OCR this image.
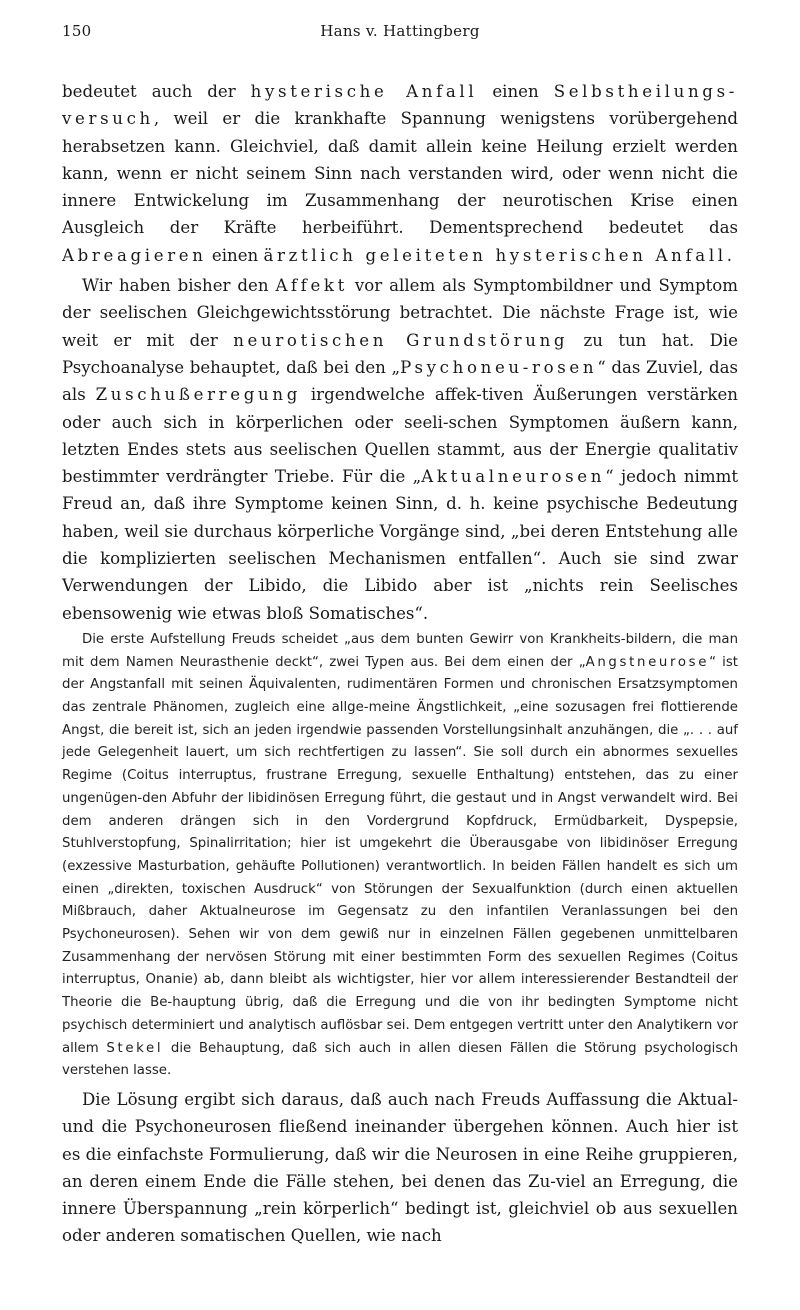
150	Hans v. Hattingberg

bedeutet auch der hysterische Anfall einen Selbstheilungs-versuch, weil er die krankhafte Spannung wenigstens vorübergehend herabsetzen kann. Gleichviel, daß damit allein keine Heilung erzielt werden kann, wenn er nicht seinem Sinn nach verstanden wird, oder wenn nicht die innere Entwickelung im Zusammenhang der neurotischen Krise einen Ausgleich der Kräfte herbeiführt. Dementsprechend bedeutet das Abreagieren einen ärztlich geleiteten hysterischen Anfall.

Wir haben bisher den Affekt vor allem als Symptombildner und Symptom der seelischen Gleichgewichtsstörung betrachtet. Die nächste Frage ist, wie weit er mit der neurotischen Grundstörung zu tun hat. Die Psychoanalyse behauptet, daß bei den „Psychoneu-rosen“ das Zuviel, das als Zuschußerregung irgendwelche affek-tiven Äußerungen verstärken oder auch sich in körperlichen oder seeli-schen Symptomen äußern kann, letzten Endes stets aus seelischen Quellen stammt, aus der Energie qualitativ bestimmter verdrängter Triebe. Für die „Aktualneurosen“ jedoch nimmt Freud an, daß ihre Symptome keinen Sinn, d. h. keine psychische Bedeutung haben, weil sie durchaus körperliche Vorgänge sind, „bei deren Entstehung alle die komplizierten seelischen Mechanismen entfallen“. Auch sie sind zwar Verwendungen der Libido, die Libido aber ist „nichts rein Seelisches ebensowenig wie etwas bloß Somatisches“.

Die erste Aufstellung Freuds scheidet „aus dem bunten Gewirr von Krankheits-bildern, die man mit dem Namen Neurasthenie deckt“, zwei Typen aus. Bei dem einen der „Angstneurose“ ist der Angstanfall mit seinen Äquivalenten, rudimentären Formen und chronischen Ersatzsymptomen das zentrale Phänomen, zugleich eine allge-meine Ängstlichkeit, „eine sozusagen frei flottierende Angst, die bereit ist, sich an jeden irgendwie passenden Vorstellungsinhalt anzuhängen, die „. . . auf jede Gelegenheit lauert, um sich rechtfertigen zu lassen“. Sie soll durch ein abnormes sexuelles Regime (Coitus interruptus, frustrane Erregung, sexuelle Enthaltung) entstehen, das zu einer ungenügen-den Abfuhr der libidinösen Erregung führt, die gestaut und in Angst verwandelt wird. Bei dem anderen drängen sich in den Vordergrund Kopfdruck, Ermüdbarkeit, Dyspepsie, Stuhlverstopfung, Spinalirritation; hier ist umgekehrt die Überausgabe von libidinöser Erregung (exzessive Masturbation, gehäufte Pollutionen) verantwortlich. In beiden Fällen handelt es sich um einen „direkten, toxischen Ausdruck“ von Störungen der Sexualfunktion (durch einen aktuellen Mißbrauch, daher Aktualneurose im Gegensatz zu den infantilen Veranlassungen bei den Psychoneurosen). Sehen wir von dem gewiß nur in einzelnen Fällen gegebenen unmittelbaren Zusammenhang der nervösen Störung mit einer bestimmten Form des sexuellen Regimes (Coitus interruptus, Onanie) ab, dann bleibt als wichtigster, hier vor allem interessierender Bestandteil der Theorie die Be-hauptung übrig, daß die Erregung und die von ihr bedingten Symptome nicht psychisch determiniert und analytisch auflösbar sei. Dem entgegen vertritt unter den Analytikern vor allem Stekel die Behauptung, daß sich auch in allen diesen Fällen die Störung psychologisch verstehen lasse.

Die Lösung ergibt sich daraus, daß auch nach Freuds Auffassung die Aktual- und die Psychoneurosen fließend ineinander übergehen können. Auch hier ist es die einfachste Formulierung, daß wir die Neurosen in eine Reihe gruppieren, an deren einem Ende die Fälle stehen, bei denen das Zu-viel an Erregung, die innere Überspannung „rein körperlich“ bedingt ist, gleichviel ob aus sexuellen oder anderen somatischen Quellen, wie nach
